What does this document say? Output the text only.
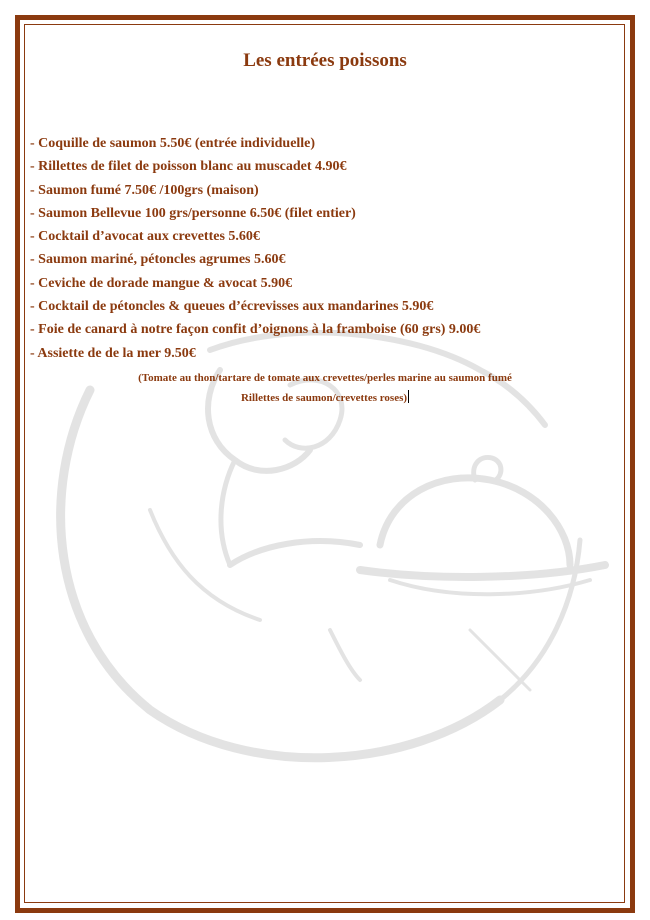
Les entrées poissons
- Coquille de saumon 5.50€ (entrée individuelle)
- Rillettes de filet de poisson blanc au muscadet 4.90€
- Saumon fumé 7.50€ /100grs (maison)
- Saumon Bellevue 100 grs/personne 6.50€ (filet entier)
- Cocktail d’avocat aux crevettes 5.60€
- Saumon mariné, pétoncles agrumes 5.60€
- Ceviche de dorade mangue & avocat 5.90€
- Cocktail de pétoncles & queues d’écrevisses aux mandarines 5.90€
- Foie de canard à notre façon confit d’oignons à la framboise (60 grs) 9.00€
- Assiette de de la mer 9.50€
(Tomate au thon/tartare de tomate aux crevettes/perles marine au saumon fumé
Rillettes de saumon/crevettes roses)
